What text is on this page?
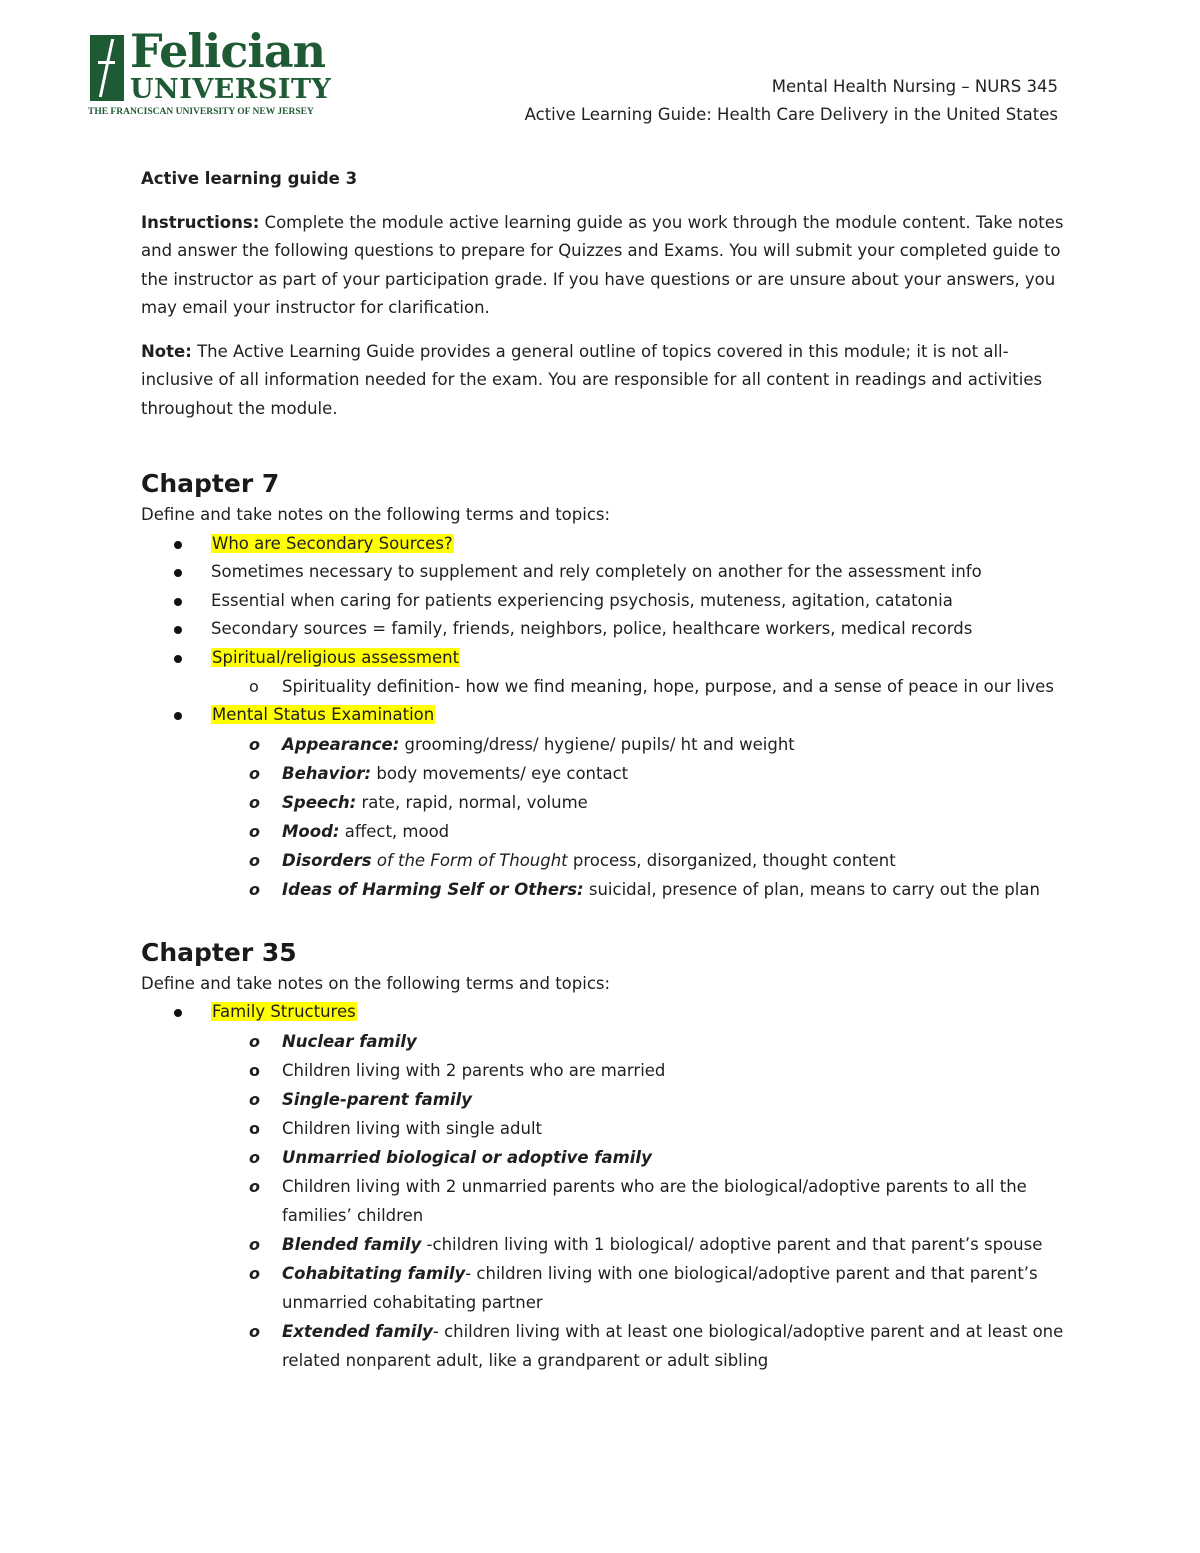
Felician
UNIVERSITY
THE FRANCISCAN UNIVERSITY OF NEW JERSEY
Mental Health Nursing – NURS 345
Active Learning Guide: Health Care Delivery in the United States

Active learning guide 3

Instructions: Complete the module active learning guide as you work through the module content. Take notes and answer the following questions to prepare for Quizzes and Exams. You will submit your completed guide to the instructor as part of your participation grade. If you have questions or are unsure about your answers, you may email your instructor for clarification.

Note: The Active Learning Guide provides a general outline of topics covered in this module; it is not all-inclusive of all information needed for the exam. You are responsible for all content in readings and activities throughout the module.

Chapter 7

Define and take notes on the following terms and topics:

Who are Secondary Sources?
Sometimes necessary to supplement and rely completely on another for the assessment info
Essential when caring for patients experiencing psychosis, muteness, agitation, catatonia
Secondary sources = family, friends, neighbors, police, healthcare workers, medical records
Spiritual/religious assessment
o Spirituality definition- how we find meaning, hope, purpose, and a sense of peace in our lives
Mental Status Examination
o Appearance: grooming/dress/ hygiene/ pupils/ ht and weight
o Behavior: body movements/ eye contact
o Speech: rate, rapid, normal, volume
o Mood: affect, mood
o Disorders of the Form of Thought process, disorganized, thought content
o Ideas of Harming Self or Others: suicidal, presence of plan, means to carry out the plan

Chapter 35

Define and take notes on the following terms and topics:

Family Structures
o Nuclear family
o Children living with 2 parents who are married
o Single-parent family
o Children living with single adult
o Unmarried biological or adoptive family
o Children living with 2 unmarried parents who are the biological/adoptive parents to all the families’ children
o Blended family -children living with 1 biological/ adoptive parent and that parent’s spouse
o Cohabitating family- children living with one biological/adoptive parent and that parent’s unmarried cohabitating partner
o Extended family- children living with at least one biological/adoptive parent and at least one related nonparent adult, like a grandparent or adult sibling
